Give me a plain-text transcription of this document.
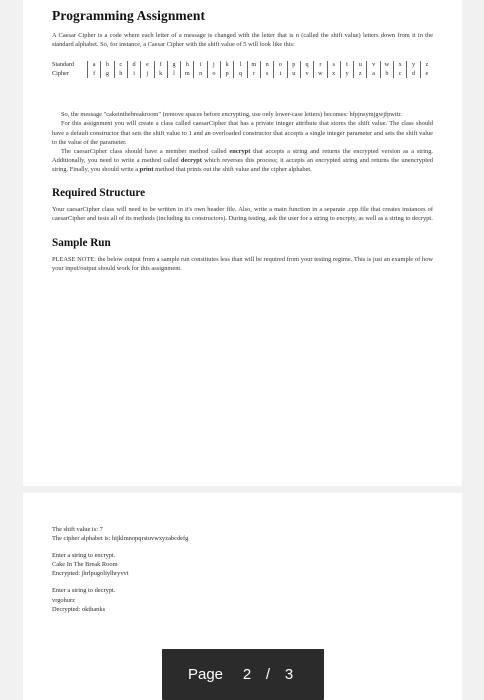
Programming Assignment

A Caesar Cipher is a code where each letter of a message is changed with the letter that is n (called the shift value) letters down from it in the standard alphabet. So, for instance, a Caesar Cipher with the shift value of 5 will look like this:

Standard	a	b	c	d	e	f	g	h	i	j	k	l	m	n	o	p	q	r	s	t	u	v	w	x	y	z
Cipher	f	g	h	i	j	k	l	m	n	o	p	q	r	s	t	u	v	w	x	y	z	a	b	c	d	e

So, the message "cakeinthebreakroom" (remove spaces before encrypting, use only lower-case letters) becomes: hfpjnsymjgwjfpwttr.

For this assignment you will create a class called caesarCipher that has a private integer attribute that stores the shift value. The class should have a default constructor that sets the shift value to 1 and an overloaded constructor that accepts a single integer parameter and sets the shift value to the value of the parameter.

The caesarCipher class should have a member method called encrypt that accepts a string and returns the encrypted version as a string. Additionally, you need to write a method called decrypt which reverses this process; it accepts an encrypted string and returns the unencrypted string. Finally, you should write a print method that prints out the shift value and the cipher alphabet.

Required Structure

Your caesarCipher class will need to be written in it's own header file. Also, write a main function in a separate .cpp file that creates instances of caesarCipher and tests all of its methods (including its constructors). During testing, ask the user for a string to encrpty, as well as a string to decrypt.

Sample Run

PLEASE NOTE: the below output from a sample run constitutes less than will be required from your testing regime. This is just an example of how your input/output should work for this assignment.

The shift value is: 7
The cipher alphabet is: hijklmnopqrstuvwxyzabcdefg
Enter a string to encrypt.
Cake In The Break Room
Encrypted: jhrlpugoliylhryvvt
Enter a string to decrypt.
vrgohurz
Decrypted: okthanks
Page	2 / 3
